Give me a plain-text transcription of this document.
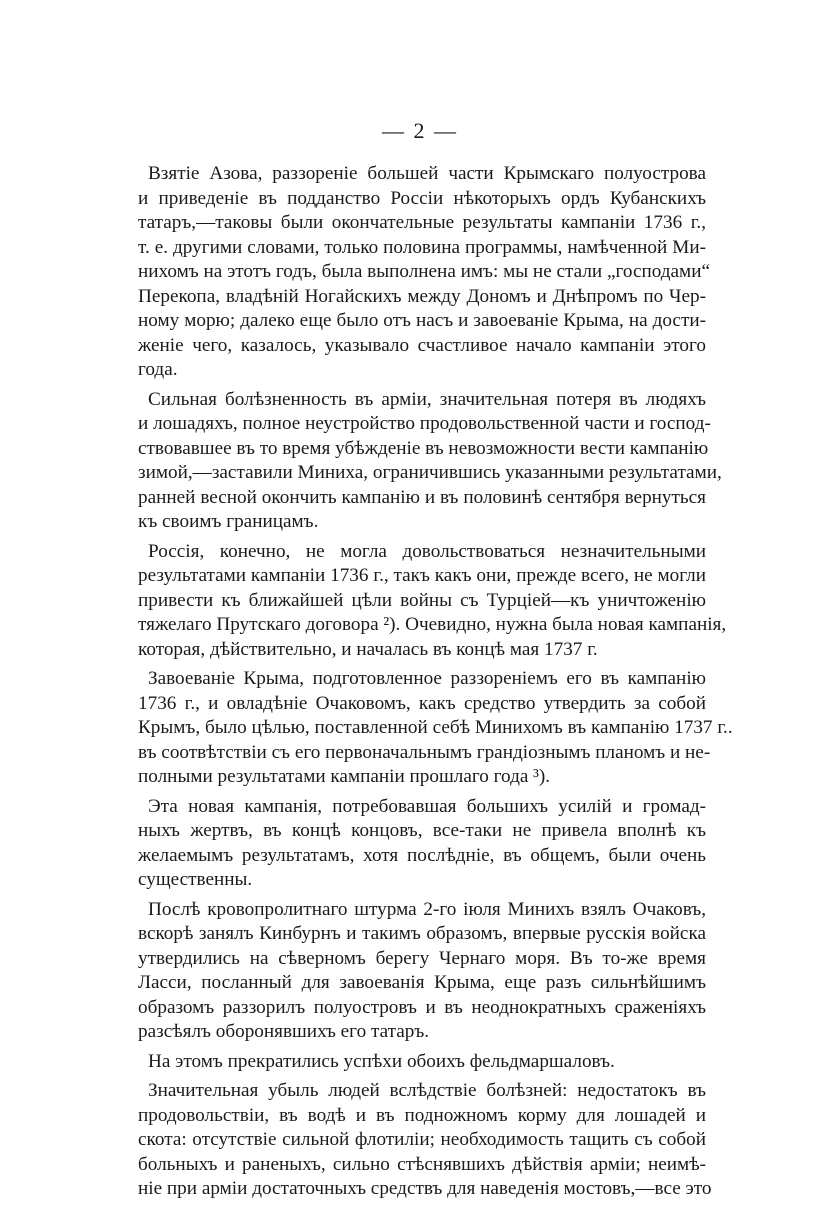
— 2 —
Взятіе Азова, раззореніе большей части Крымскаго полуострова
и приведеніе въ подданство Россіи нѣкоторыхъ ордъ Кубанскихъ
татаръ,—таковы были окончательные результаты кампаніи 1736 г.,
т. е. другими словами, только половина программы, намѣченной Ми-
нихомъ на этотъ годъ, была выполнена имъ: мы не стали „господами“
Перекопа, владѣній Ногайскихъ между Дономъ и Днѣпромъ по Чер-
ному морю; далеко еще было отъ насъ и завоеваніе Крыма, на дости-
женіе чего, казалось, указывало счастливое начало кампаніи этого
года.
Сильная болѣзненность въ арміи, значительная потеря въ людяхъ
и лошадяхъ, полное неустройство продовольственной части и господ-
ствовавшее въ то время убѣжденіе въ невозможности вести кампанію
зимой,—заставили Миниха, ограничившись указанными результатами,
ранней весной окончить кампанію и въ половинѣ сентября вернуться
къ своимъ границамъ.
Россія, конечно, не могла довольствоваться незначительными
результатами кампаніи 1736 г., такъ какъ они, прежде всего, не могли
привести къ ближайшей цѣли войны съ Турціей—къ уничтоженію
тяжелаго Прутскаго договора ²). Очевидно, нужна была новая кампанія,
которая, дѣйствительно, и началась въ концѣ мая 1737 г.
Завоеваніе Крыма, подготовленное раззореніемъ его въ кампанію
1736 г., и овладѣніе Очаковомъ, какъ средство утвердить за собой
Крымъ, было цѣлью, поставленной себѣ Минихомъ въ кампанію 1737 г..
въ соотвѣтствіи съ его первоначальнымъ грандіознымъ планомъ и не-
полными результатами кампаніи прошлаго года ³).
Эта новая кампанія, потребовавшая большихъ усилій и громад-
ныхъ жертвъ, въ концѣ концовъ, все-таки не привела вполнѣ къ
желаемымъ результатамъ, хотя послѣдніе, въ общемъ, были очень
существенны.
Послѣ кровопролитнаго штурма 2-го іюля Минихъ взялъ Очаковъ,
вскорѣ занялъ Кинбурнъ и такимъ образомъ, впервые русскія войска
утвердились на сѣверномъ берегу Чернаго моря. Въ то-же время
Ласси, посланный для завоеванія Крыма, еще разъ сильнѣйшимъ
образомъ раззорилъ полуостровъ и въ неоднократныхъ сраженіяхъ
разсѣялъ оборонявшихъ его татаръ.
На этомъ прекратились успѣхи обоихъ фельдмаршаловъ.
Значительная убыль людей вслѣдствіе болѣзней: недостатокъ въ
продовольствіи, въ водѣ и въ подножномъ корму для лошадей и
скота: отсутствіе сильной флотиліи; необходимость тащить съ собой
больныхъ и раненыхъ, сильно стѣснявшихъ дѣйствія арміи; неимѣ-
ніе при арміи достаточныхъ средствъ для наведенія мостовъ,—все это
